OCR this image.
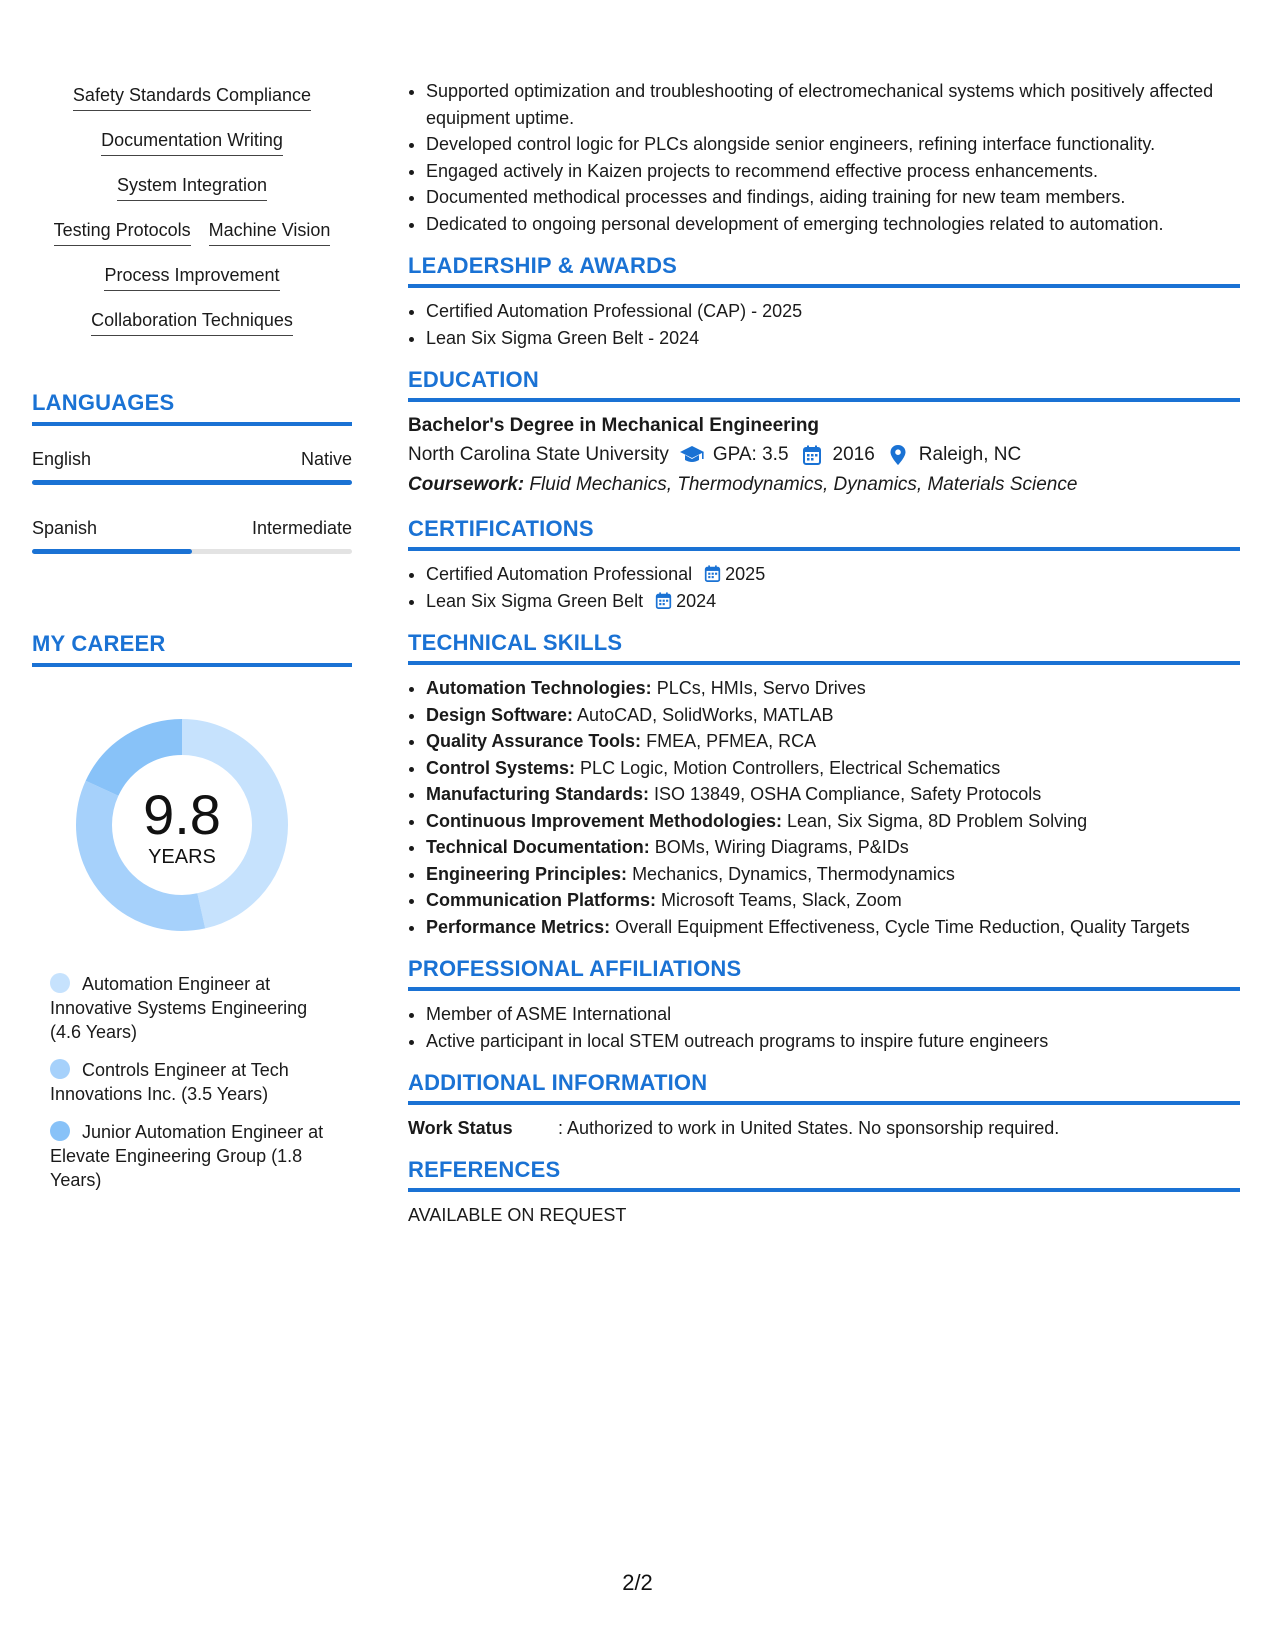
Safety Standards Compliance
Documentation Writing
System Integration
Testing Protocols Machine Vision
Process Improvement
Collaboration Techniques
LANGUAGES
English	Native
Spanish	Intermediate
MY CAREER
9.8
YEARS
Automation Engineer at Innovative Systems Engineering (4.6 Years)
Controls Engineer at Tech Innovations Inc. (3.5 Years)
Junior Automation Engineer at Elevate Engineering Group (1.8 Years)
• Supported optimization and troubleshooting of electromechanical systems which positively affected equipment uptime.
• Developed control logic for PLCs alongside senior engineers, refining interface functionality.
• Engaged actively in Kaizen projects to recommend effective process enhancements.
• Documented methodical processes and findings, aiding training for new team members.
• Dedicated to ongoing personal development of emerging technologies related to automation.
LEADERSHIP & AWARDS
• Certified Automation Professional (CAP) - 2025
• Lean Six Sigma Green Belt - 2024
EDUCATION
Bachelor's Degree in Mechanical Engineering
North Carolina State University GPA: 3.5 2016 Raleigh, NC
Coursework: Fluid Mechanics, Thermodynamics, Dynamics, Materials Science
CERTIFICATIONS
• Certified Automation Professional 2025
• Lean Six Sigma Green Belt 2024
TECHNICAL SKILLS
• Automation Technologies: PLCs, HMIs, Servo Drives
• Design Software: AutoCAD, SolidWorks, MATLAB
• Quality Assurance Tools: FMEA, PFMEA, RCA
• Control Systems: PLC Logic, Motion Controllers, Electrical Schematics
• Manufacturing Standards: ISO 13849, OSHA Compliance, Safety Protocols
• Continuous Improvement Methodologies: Lean, Six Sigma, 8D Problem Solving
• Technical Documentation: BOMs, Wiring Diagrams, P&IDs
• Engineering Principles: Mechanics, Dynamics, Thermodynamics
• Communication Platforms: Microsoft Teams, Slack, Zoom
• Performance Metrics: Overall Equipment Effectiveness, Cycle Time Reduction, Quality Targets
PROFESSIONAL AFFILIATIONS
• Member of ASME International
• Active participant in local STEM outreach programs to inspire future engineers
ADDITIONAL INFORMATION
Work Status	: Authorized to work in United States. No sponsorship required.
REFERENCES
AVAILABLE ON REQUEST
2/2
